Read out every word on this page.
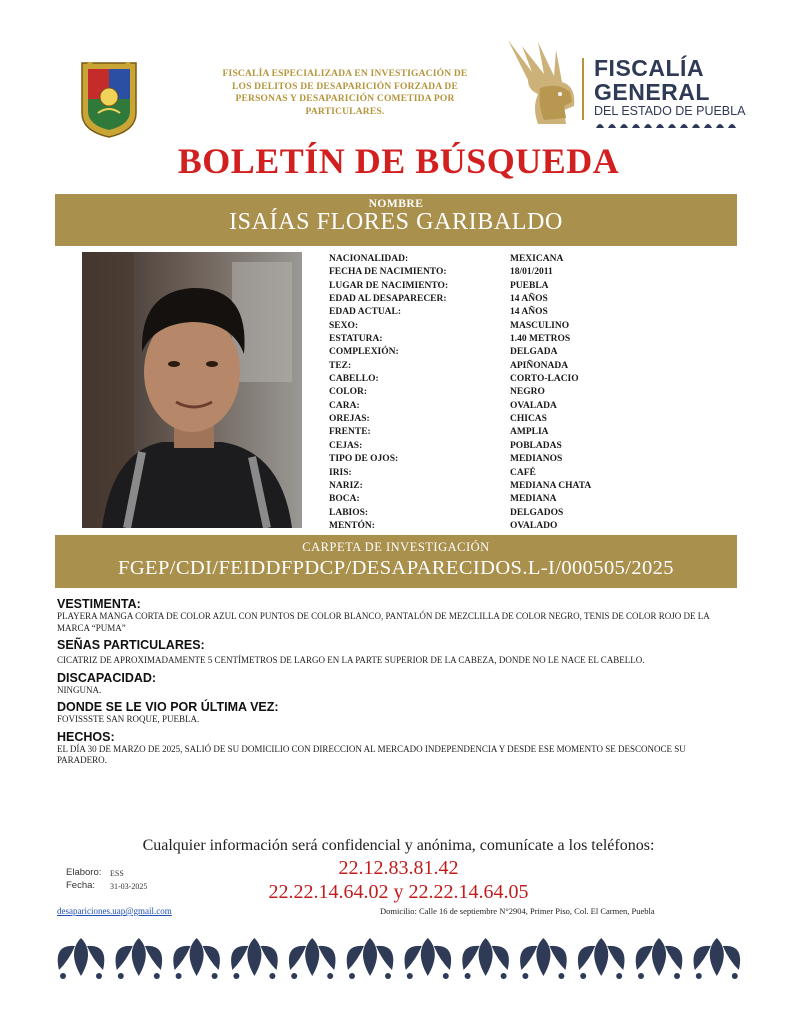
FISCALÍA ESPECIALIZADA EN INVESTIGACIÓN DE
LOS DELITOS DE DESAPARICIÓN FORZADA DE
PERSONAS Y DESAPARICIÓN COMETIDA POR
PARTICULARES.
FISCALÍA
GENERAL
DEL ESTADO DE PUEBLA
BOLETÍN DE BÚSQUEDA
NOMBRE
ISAÍAS FLORES GARIBALDO
NACIONALIDAD:	MEXICANA
FECHA DE NACIMIENTO:	18/01/2011
LUGAR DE NACIMIENTO:	PUEBLA
EDAD AL DESAPARECER:	14 AÑOS
EDAD ACTUAL:	14 AÑOS
SEXO:	MASCULINO
ESTATURA:	1.40 METROS
COMPLEXIÓN:	DELGADA
TEZ:	APIÑONADA
CABELLO:	CORTO-LACIO
COLOR:	NEGRO
CARA:	OVALADA
OREJAS:	CHICAS
FRENTE:	AMPLIA
CEJAS:	POBLADAS
TIPO DE OJOS:	MEDIANOS
IRIS:	CAFÉ
NARIZ:	MEDIANA CHATA
BOCA:	MEDIANA
LABIOS:	DELGADOS
MENTÓN:	OVALADO
CARPETA DE INVESTIGACIÓN
FGEP/CDI/FEIDDFPDCP/DESAPARECIDOS.L-I/000505/2025
VESTIMENTA:
PLAYERA MANGA CORTA DE COLOR AZUL CON PUNTOS DE COLOR BLANCO, PANTALÓN DE MEZCLILLA DE COLOR NEGRO, TENIS DE COLOR ROJO DE LA MARCA “PUMA”
SEÑAS PARTICULARES:
CICATRIZ DE APROXIMADAMENTE 5 CENTÍMETROS DE LARGO EN LA PARTE SUPERIOR DE LA CABEZA, DONDE NO LE NACE EL CABELLO.
DISCAPACIDAD:
NINGUNA.
DONDE SE LE VIO POR ÚLTIMA VEZ:
FOVISSSTE SAN ROQUE, PUEBLA.
HECHOS:
EL DÍA 30 DE MARZO DE 2025, SALIÓ DE SU DOMICILIO CON DIRECCION AL MERCADO INDEPENDENCIA Y DESDE ESE MOMENTO SE DESCONOCE SU PARADERO.
Cualquier información será confidencial y anónima, comunícate a los teléfonos:
22.12.83.81.42
22.22.14.64.02 y 22.22.14.64.05
Elaboro: ESS
Fecha: 31-03-2025
desapariciones.uap@gmail.com	Domicilio: Calle 16 de septiembre N°2904, Primer Piso, Col. El Carmen, Puebla
